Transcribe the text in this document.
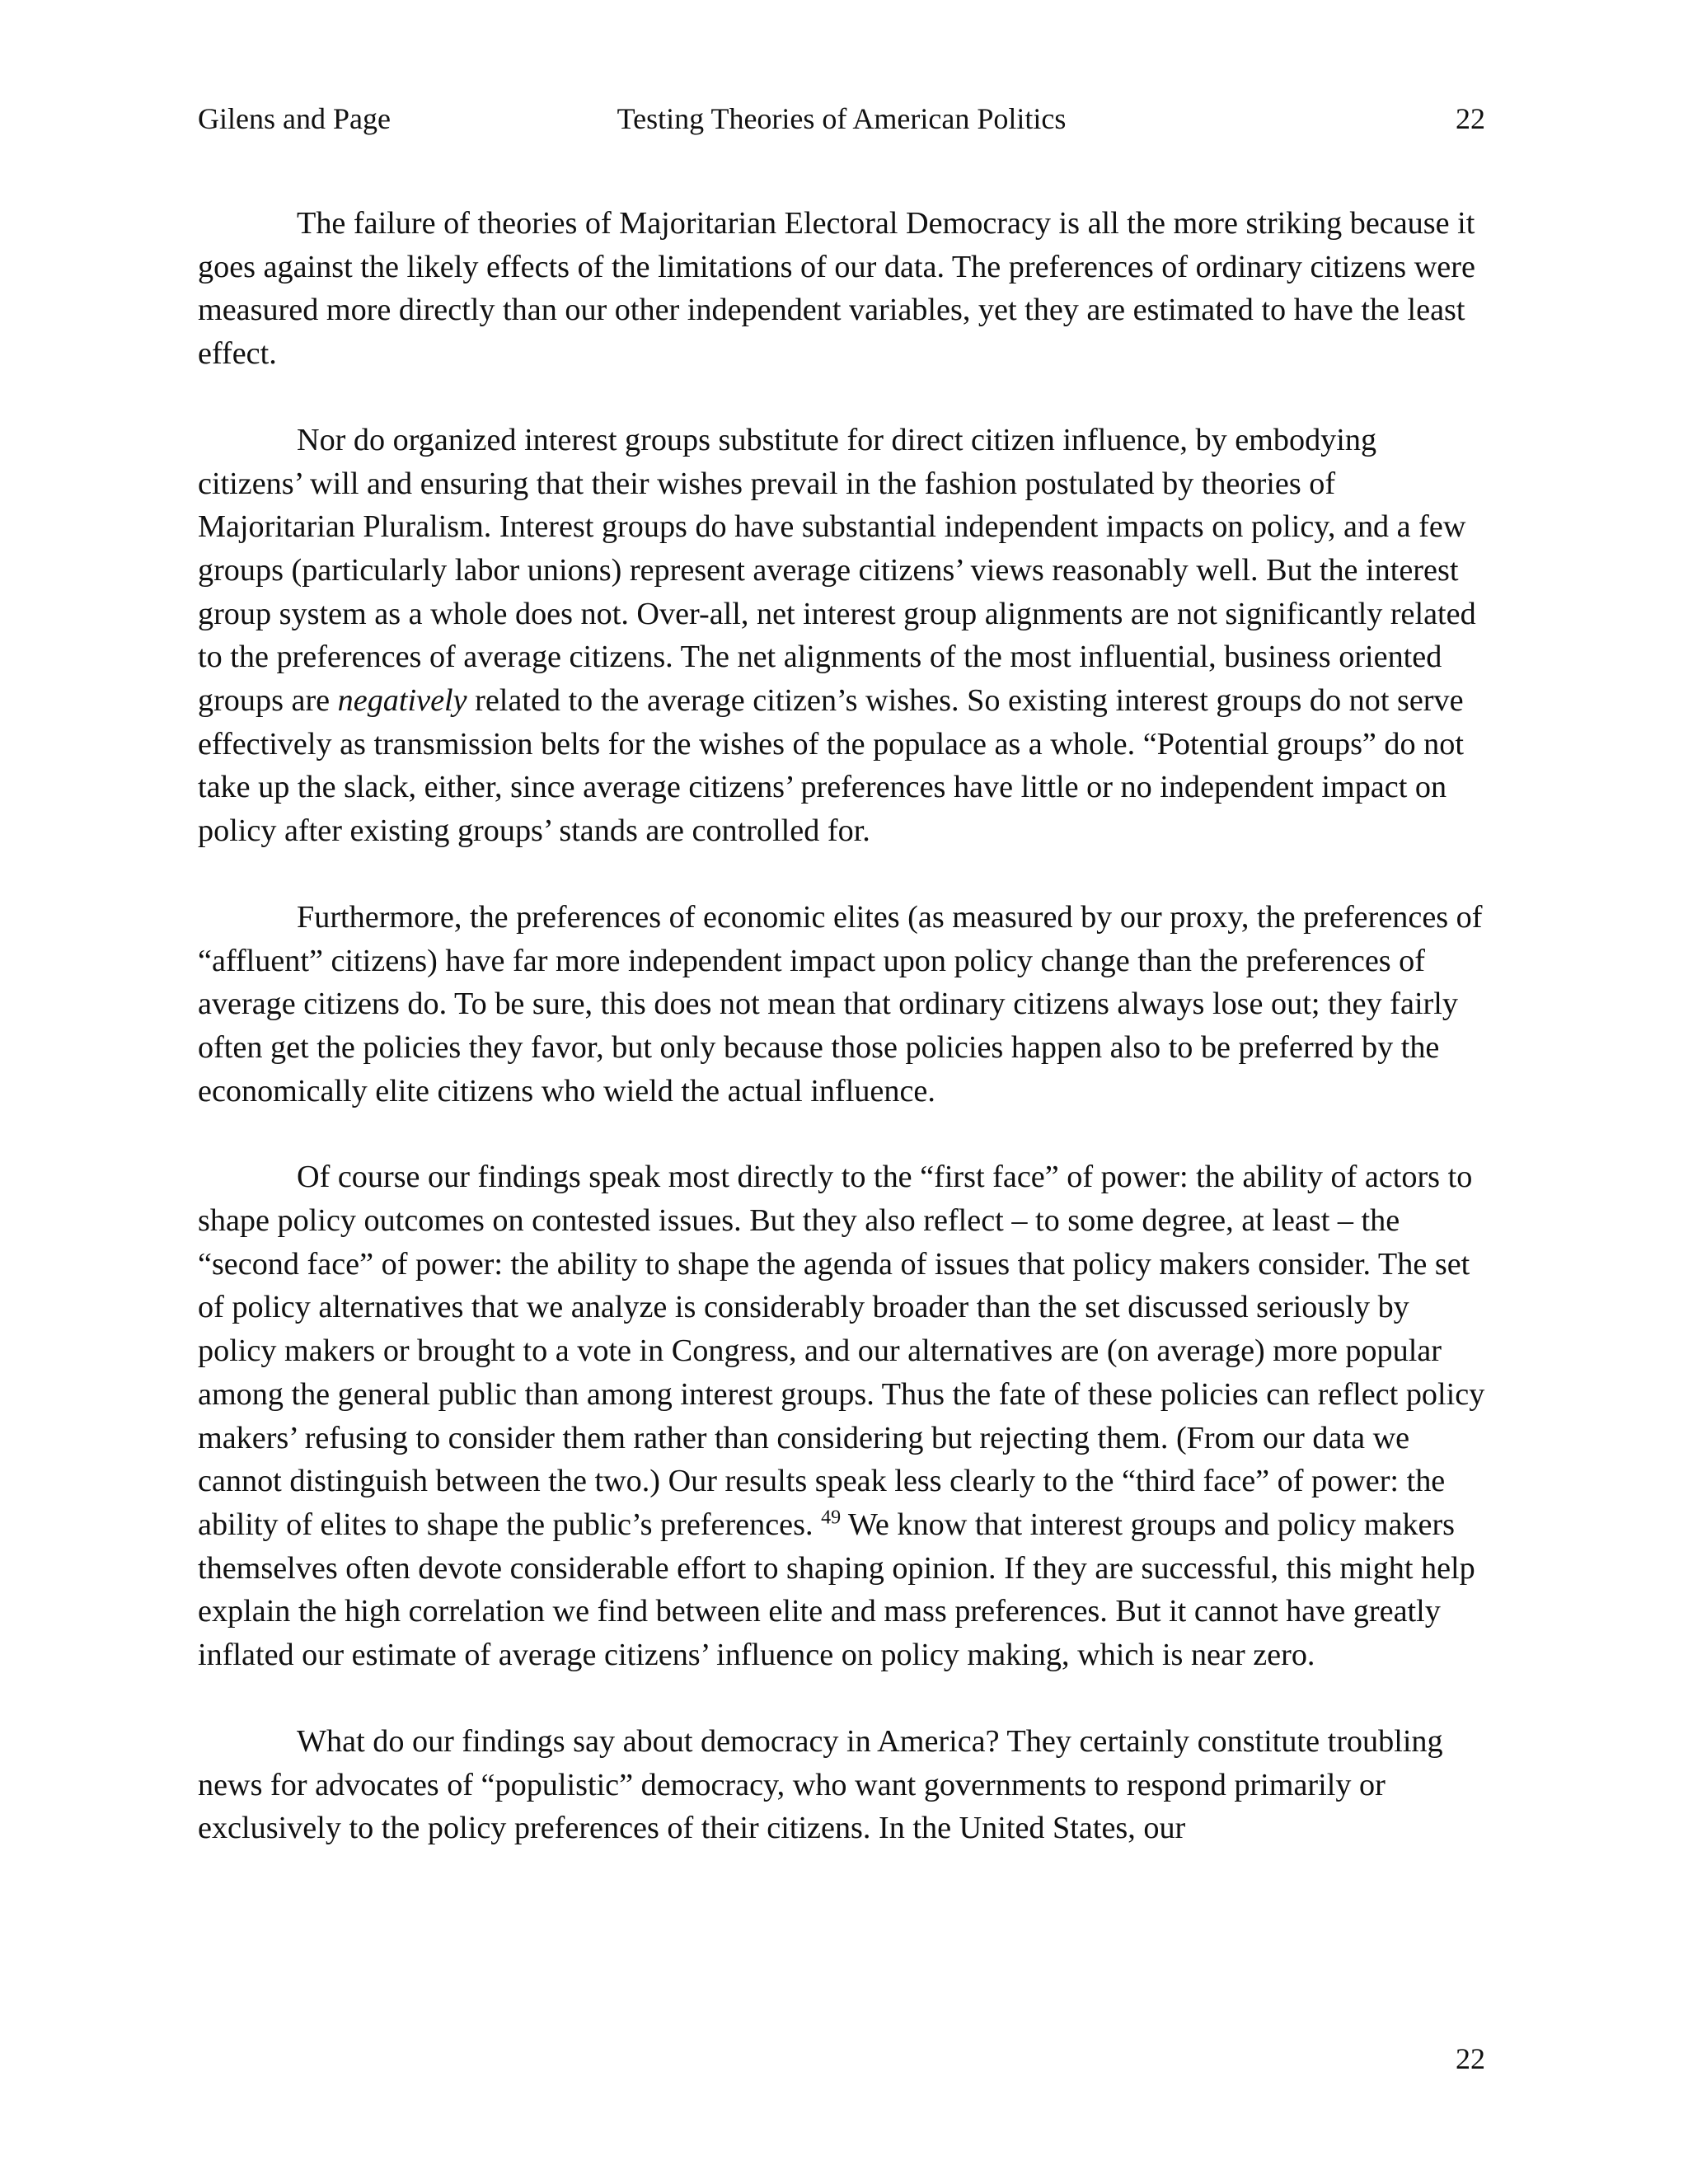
Gilens and Page	Testing Theories of American Politics	22

The failure of theories of Majoritarian Electoral Democracy is all the more striking because it goes against the likely effects of the limitations of our data. The preferences of ordinary citizens were measured more directly than our other independent variables, yet they are estimated to have the least effect.

Nor do organized interest groups substitute for direct citizen influence, by embodying citizens’ will and ensuring that their wishes prevail in the fashion postulated by theories of Majoritarian Pluralism. Interest groups do have substantial independent impacts on policy, and a few groups (particularly labor unions) represent average citizens’ views reasonably well. But the interest group system as a whole does not. Over-all, net interest group alignments are not significantly related to the preferences of average citizens. The net alignments of the most influential, business oriented groups are negatively related to the average citizen’s wishes. So existing interest groups do not serve effectively as transmission belts for the wishes of the populace as a whole. “Potential groups” do not take up the slack, either, since average citizens’ preferences have little or no independent impact on policy after existing groups’ stands are controlled for.

Furthermore, the preferences of economic elites (as measured by our proxy, the preferences of “affluent” citizens) have far more independent impact upon policy change than the preferences of average citizens do. To be sure, this does not mean that ordinary citizens always lose out; they fairly often get the policies they favor, but only because those policies happen also to be preferred by the economically elite citizens who wield the actual influence.

Of course our findings speak most directly to the “first face” of power: the ability of actors to shape policy outcomes on contested issues. But they also reflect – to some degree, at least – the “second face” of power: the ability to shape the agenda of issues that policy makers consider. The set of policy alternatives that we analyze is considerably broader than the set discussed seriously by policy makers or brought to a vote in Congress, and our alternatives are (on average) more popular among the general public than among interest groups. Thus the fate of these policies can reflect policy makers’ refusing to consider them rather than considering but rejecting them. (From our data we cannot distinguish between the two.) Our results speak less clearly to the “third face” of power: the ability of elites to shape the public’s preferences. $^{49}$ We know that interest groups and policy makers themselves often devote considerable effort to shaping opinion. If they are successful, this might help explain the high correlation we find between elite and mass preferences. But it cannot have greatly inflated our estimate of average citizens’ influence on policy making, which is near zero.

What do our findings say about democracy in America? They certainly constitute troubling news for advocates of “populistic” democracy, who want governments to respond primarily or exclusively to the policy preferences of their citizens. In the United States, our

22
